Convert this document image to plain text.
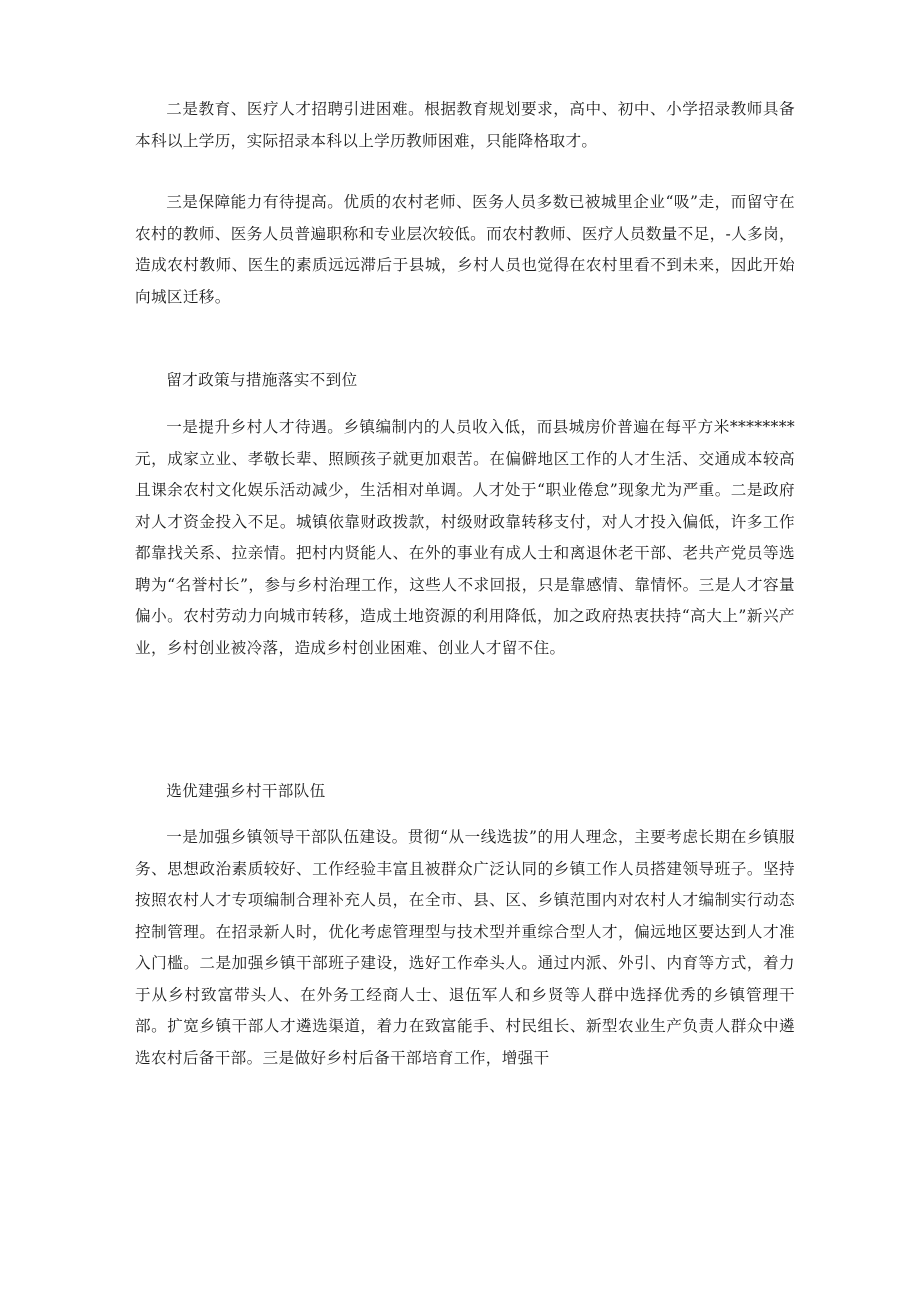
二是教育、医疗人才招聘引进困难。根据教育规划要求，高中、初中、小学招录教师具备本科以上学历，实际招录本科以上学历教师困难，只能降格取才。

三是保障能力有待提高。优质的农村老师、医务人员多数已被城里企业“吸”走，而留守在农村的教师、医务人员普遍职称和专业层次较低。而农村教师、医疗人员数量不足，-人多岗，造成农村教师、医生的素质远远滞后于县城，乡村人员也觉得在农村里看不到未来，因此开始向城区迁移。

留才政策与措施落实不到位

一是提升乡村人才待遇。乡镇编制内的人员收入低，而县城房价普遍在每平方米********元，成家立业、孝敬长辈、照顾孩子就更加艰苦。在偏僻地区工作的人才生活、交通成本较高且课余农村文化娱乐活动减少，生活相对单调。人才处于“职业倦怠”现象尤为严重。二是政府对人才资金投入不足。城镇依靠财政拨款，村级财政靠转移支付，对人才投入偏低，许多工作都靠找关系、拉亲情。把村内贤能人、在外的事业有成人士和离退休老干部、老共产党员等选聘为“名誉村长”，参与乡村治理工作，这些人不求回报，只是靠感情、靠情怀。三是人才容量偏小。农村劳动力向城市转移，造成土地资源的利用降低，加之政府热衷扶持“高大上”新兴产业，乡村创业被冷落，造成乡村创业困难、创业人才留不住。

选优建强乡村干部队伍

一是加强乡镇领导干部队伍建设。贯彻“从一线选拔”的用人理念，主要考虑长期在乡镇服务、思想政治素质较好、工作经验丰富且被群众广泛认同的乡镇工作人员搭建领导班子。坚持按照农村人才专项编制合理补充人员，在全市、县、区、乡镇范围内对农村人才编制实行动态控制管理。在招录新人时，优化考虑管理型与技术型并重综合型人才，偏远地区要达到人才准入门槛。二是加强乡镇干部班子建设，选好工作牵头人。通过内派、外引、内育等方式，着力于从乡村致富带头人、在外务工经商人士、退伍军人和乡贤等人群中选择优秀的乡镇管理干部。扩宽乡镇干部人才遴选渠道，着力在致富能手、村民组长、新型农业生产负责人群众中遴选农村后备干部。三是做好乡村后备干部培育工作，增强干
